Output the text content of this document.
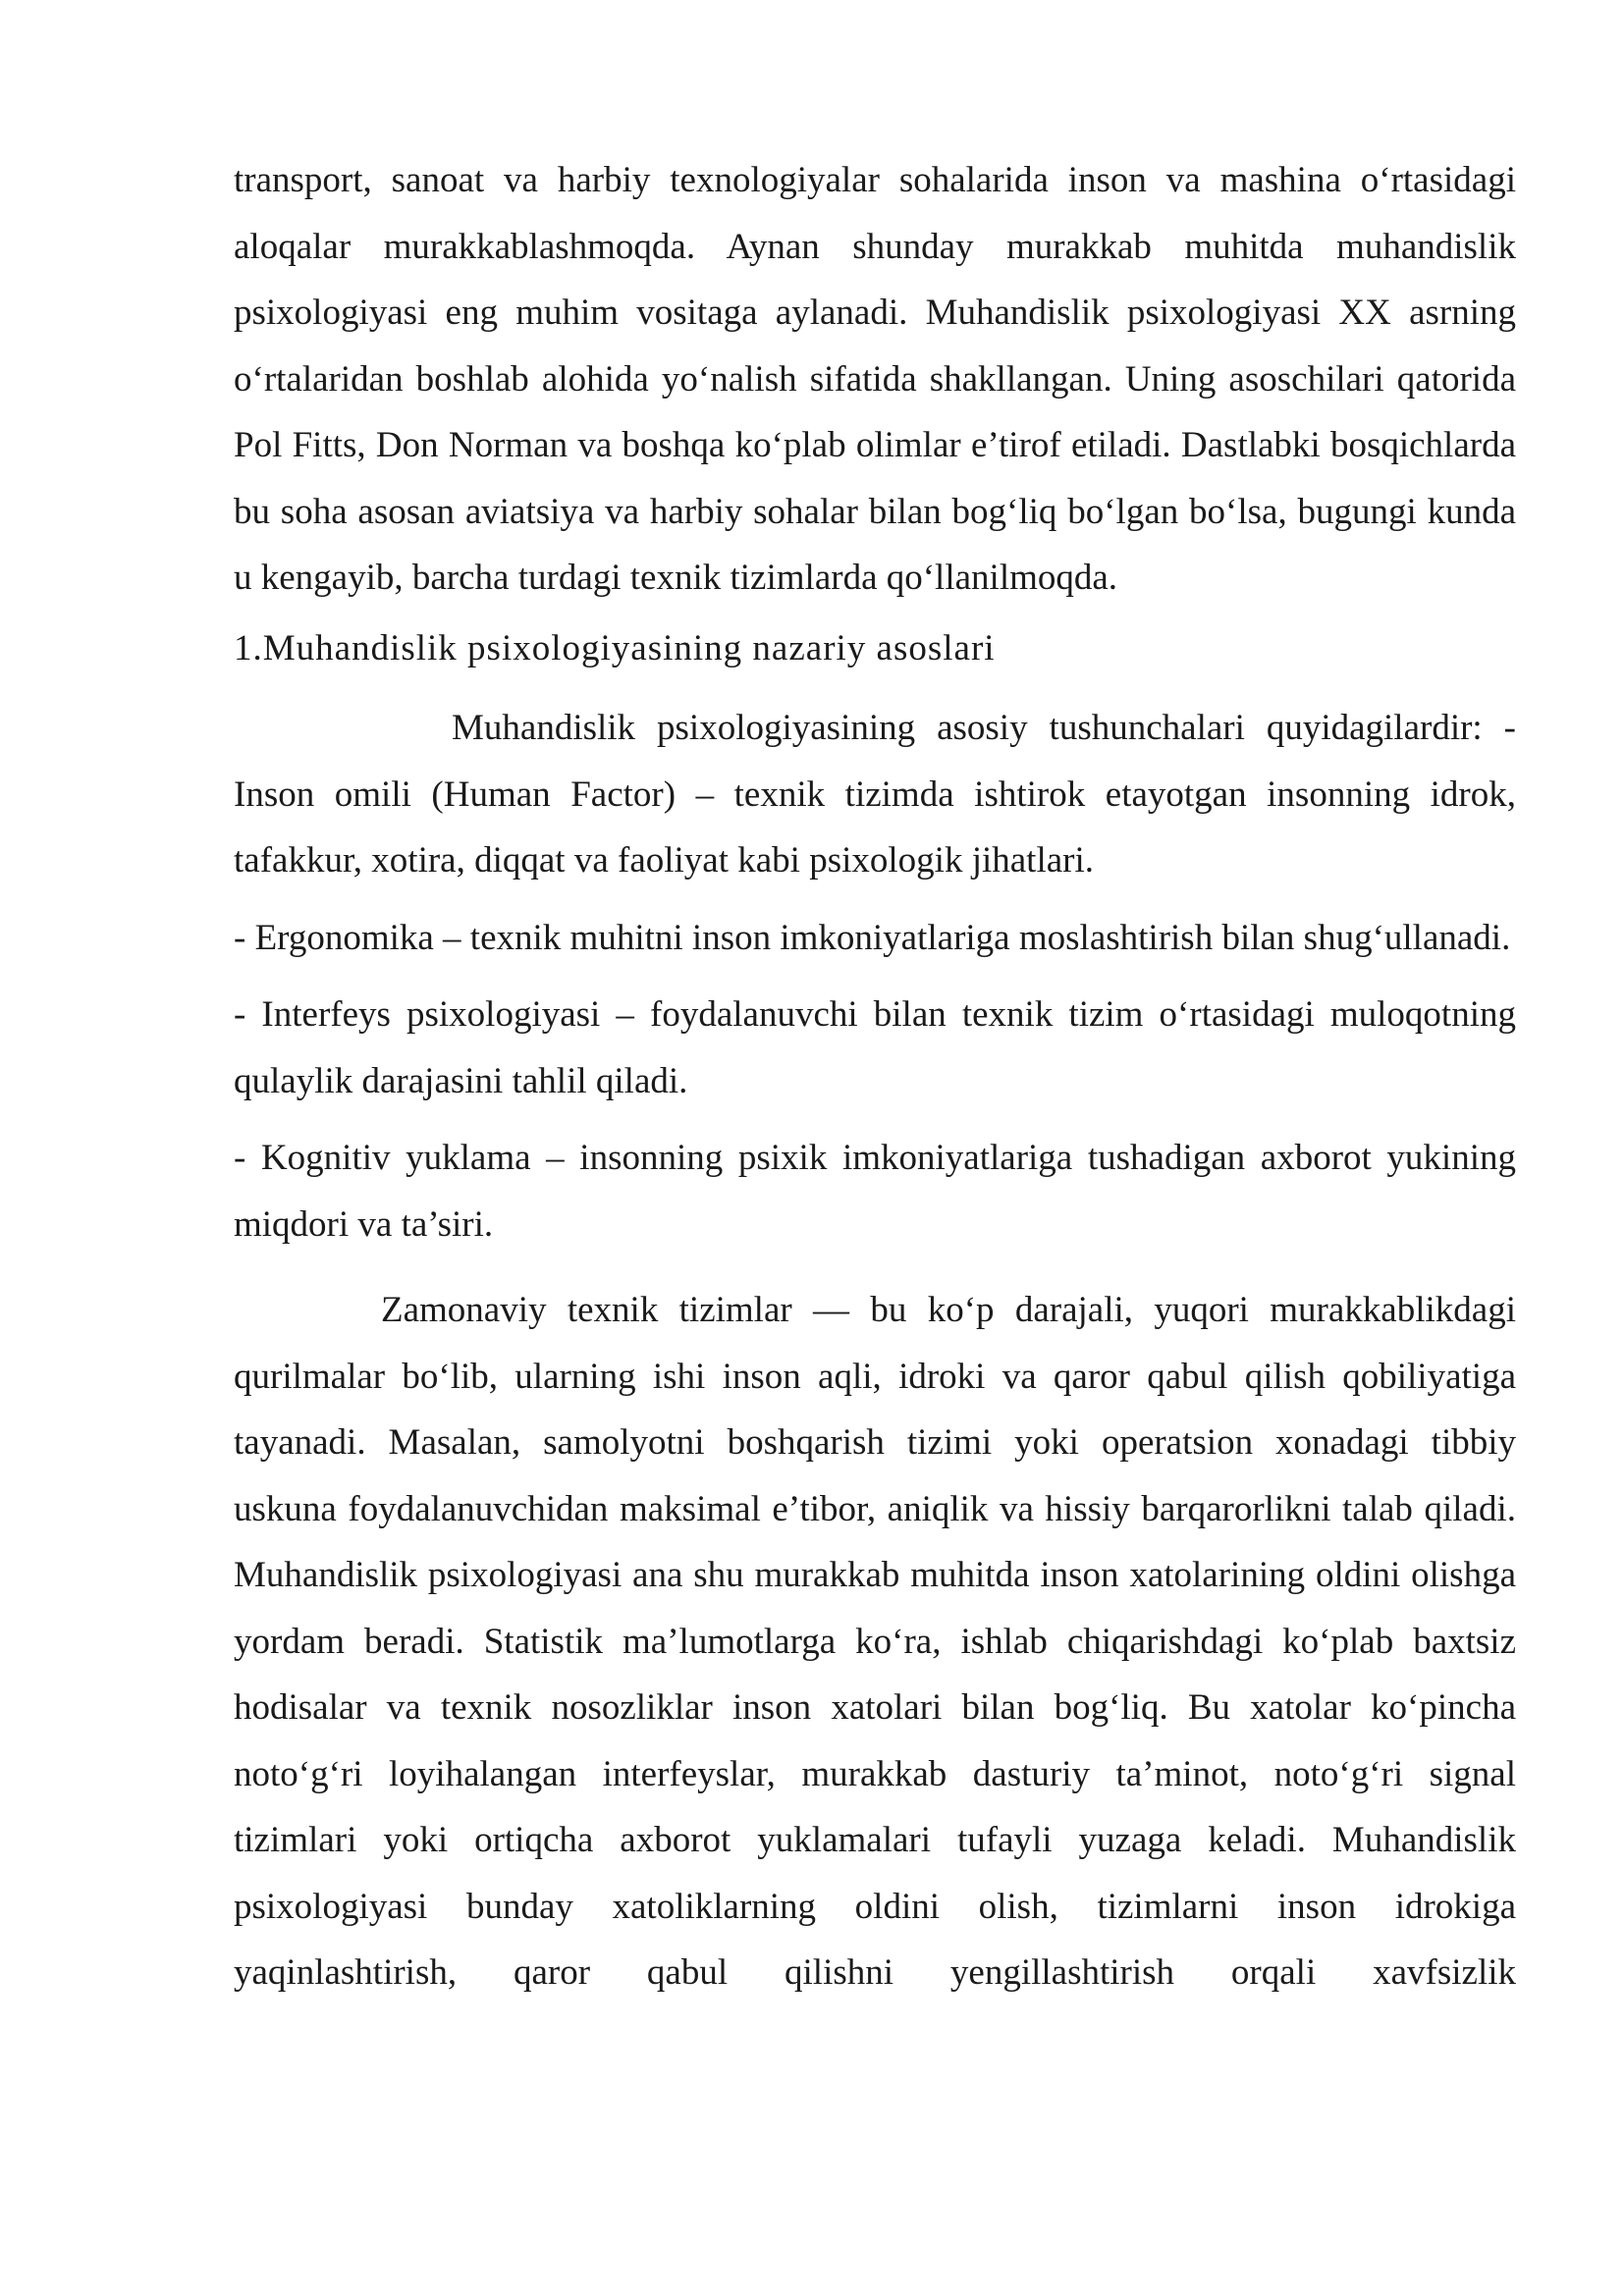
transport, sanoat va harbiy texnologiyalar sohalarida inson va mashina o‘rtasidagi aloqalar murakkablashmoqda. Aynan shunday murakkab muhitda muhandislik psixologiyasi eng muhim vositaga aylanadi. Muhandislik psixologiyasi XX asrning o‘rtalaridan boshlab alohida yo‘nalish sifatida shakllangan. Uning asoschilari qatorida Pol Fitts, Don Norman va boshqa ko‘plab olimlar e’tirof etiladi. Dastlabki bosqichlarda bu soha asosan aviatsiya va harbiy sohalar bilan bog‘liq bo‘lgan bo‘lsa, bugungi kunda u kengayib, barcha turdagi texnik tizimlarda qo‘llanilmoqda.

1.Muhandislik psixologiyasining nazariy asoslari

Muhandislik psixologiyasining asosiy tushunchalari quyidagilardir: - Inson omili (Human Factor) – texnik tizimda ishtirok etayotgan insonning idrok, tafakkur, xotira, diqqat va faoliyat kabi psixologik jihatlari.

- Ergonomika – texnik muhitni inson imkoniyatlariga moslashtirish bilan shug‘ullanadi.

- Interfeys psixologiyasi – foydalanuvchi bilan texnik tizim o‘rtasidagi muloqotning qulaylik darajasini tahlil qiladi.

- Kognitiv yuklama – insonning psixik imkoniyatlariga tushadigan axborot yukining miqdori va ta’siri.

Zamonaviy texnik tizimlar — bu ko‘p darajali, yuqori murakkablikdagi qurilmalar bo‘lib, ularning ishi inson aqli, idroki va qaror qabul qilish qobiliyatiga tayanadi. Masalan, samolyotni boshqarish tizimi yoki operatsion xonadagi tibbiy uskuna foydalanuvchidan maksimal e’tibor, aniqlik va hissiy barqarorlikni talab qiladi. Muhandislik psixologiyasi ana shu murakkab muhitda inson xatolarining oldini olishga yordam beradi. Statistik ma’lumotlarga ko‘ra, ishlab chiqarishdagi ko‘plab baxtsiz hodisalar va texnik nosozliklar inson xatolari bilan bog‘liq. Bu xatolar ko‘pincha noto‘g‘ri loyihalangan interfeyslar, murakkab dasturiy ta’minot, noto‘g‘ri signal tizimlari yoki ortiqcha axborot yuklamalari tufayli yuzaga keladi. Muhandislik psixologiyasi bunday xatoliklarning oldini olish, tizimlarni inson idrokiga yaqinlashtirish, qaror qabul qilishni yengillashtirish orqali xavfsizlik
